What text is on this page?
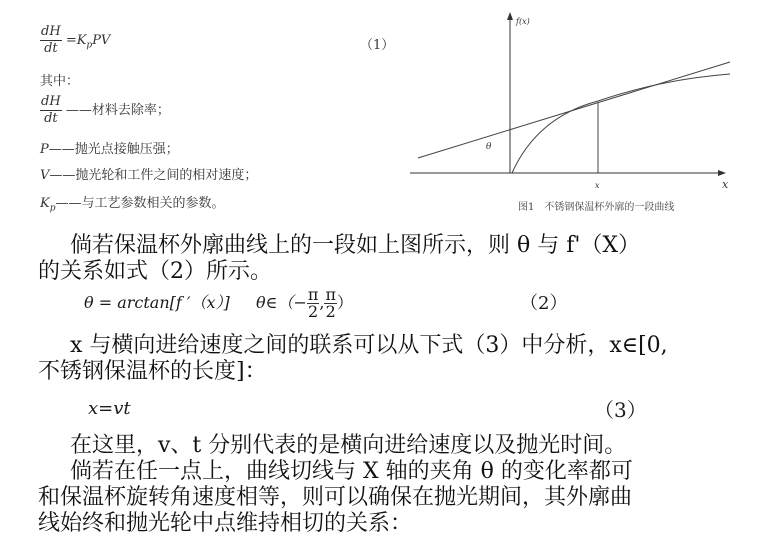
$\frac{dH}{dt} =K_pPV$	（1）
其中：
$\frac{dH}{dt}$ ——材料去除率；
P——抛光点接触压强；
V——抛光轮和工件之间的相对速度；
$K_p——$与工艺参数相关的参数。
f(x)
x
x
θ
图1　不锈钢保温杯外廓的一段曲线
倘若保温杯外廓曲线上的一段如上图所示，则 θ 与 f'（X）
的关系如式（2）所示。
θ = arctan[f ′（x）] θ∈（− $\frac{\pi}{2}$ , $\frac{\pi}{2}$ ）	（2）
x 与横向进给速度之间的联系可以从下式（3）中分析，x∈[0,
不锈钢保温杯的长度]：
x=vt	（3）
在这里，v、t 分别代表的是横向进给速度以及抛光时间。
倘若在任一点上，曲线切线与 X 轴的夹角 θ 的变化率都可
和保温杯旋转角速度相等，则可以确保在抛光期间，其外廓曲
线始终和抛光轮中点维持相切的关系：
